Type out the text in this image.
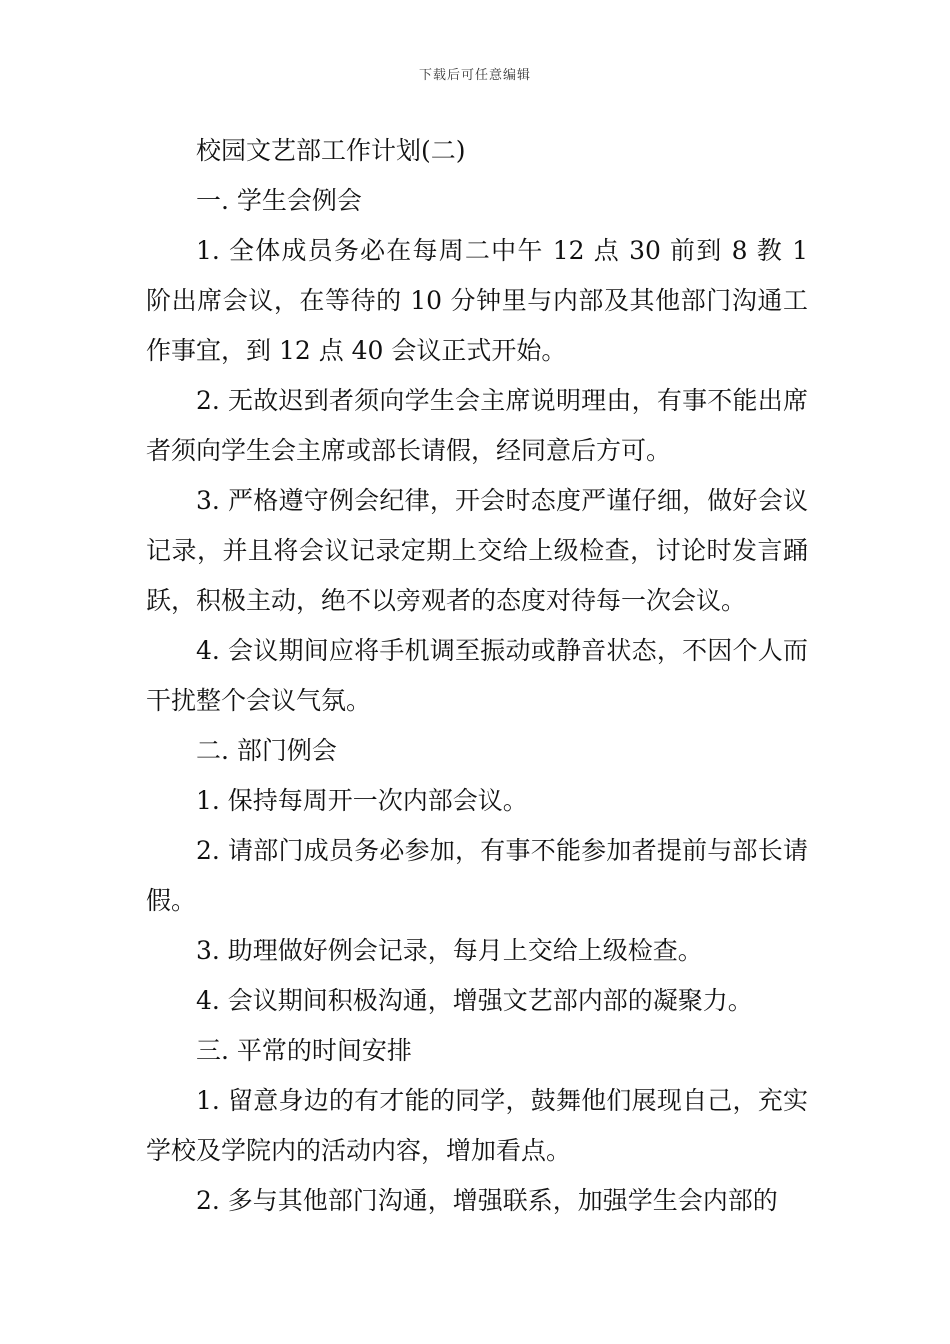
下载后可任意编辑

校园文艺部工作计划(二)

一. 学生会例会

1. 全体成员务必在每周二中午 12 点 30 前到 8 教 1 阶出席会议，在等待的 10 分钟里与内部及其他部门沟通工作事宜，到 12 点 40 会议正式开始。

2. 无故迟到者须向学生会主席说明理由，有事不能出席者须向学生会主席或部长请假，经同意后方可。

3. 严格遵守例会纪律，开会时态度严谨仔细，做好会议记录，并且将会议记录定期上交给上级检查，讨论时发言踊跃，积极主动，绝不以旁观者的态度对待每一次会议。

4. 会议期间应将手机调至振动或静音状态，不因个人而干扰整个会议气氛。

二. 部门例会

1. 保持每周开一次内部会议。

2. 请部门成员务必参加，有事不能参加者提前与部长请假。

3. 助理做好例会记录，每月上交给上级检查。

4. 会议期间积极沟通，增强文艺部内部的凝聚力。

三. 平常的时间安排

1. 留意身边的有才能的同学，鼓舞他们展现自己，充实学校及学院内的活动内容，增加看点。

2. 多与其他部门沟通，增强联系，加强学生会内部的
